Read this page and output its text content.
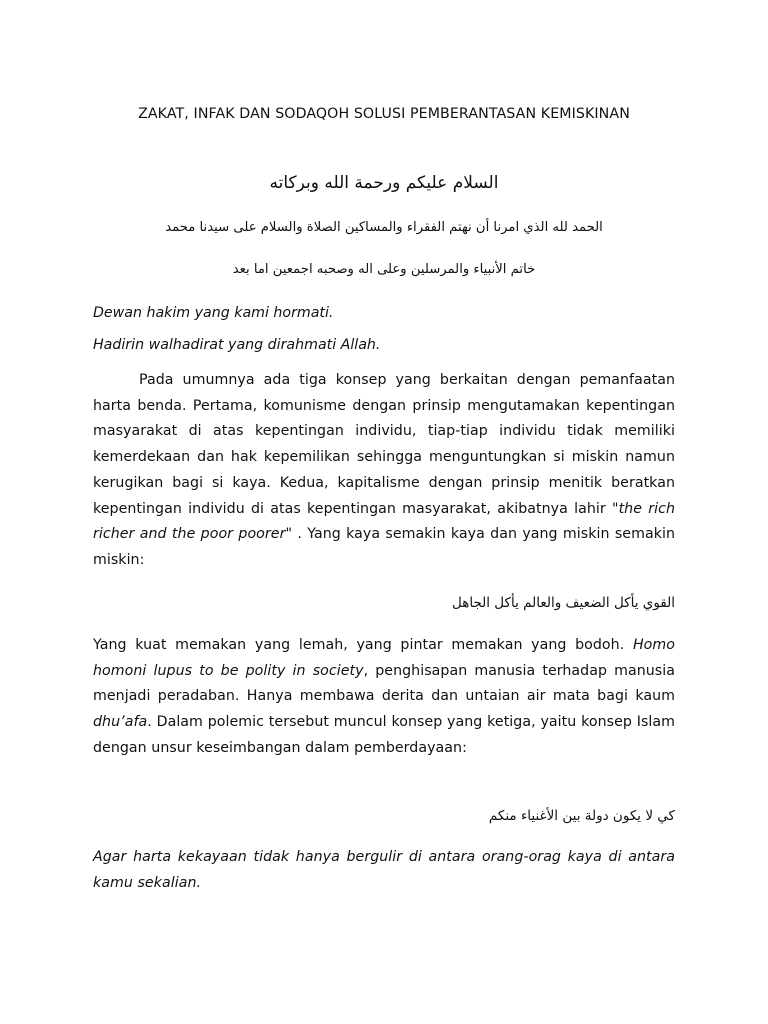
ZAKAT, INFAK DAN SODAQOH SOLUSI PEMBERANTASAN KEMISKINAN
السلام عليكم ورحمة الله وبركاته
الحمد لله الذي امرنا أن نهتم الفقراء والمساكين الصلاة والسلام على سيدنا محمد
خاتم الأنبياء والمرسلين وعلى اله وصحبه اجمعين اما بعد
Dewan hakim yang kami hormati.
Hadirin walhadirat yang dirahmati Allah.
Pada umumnya ada tiga konsep yang berkaitan dengan pemanfaatan harta benda. Pertama, komunisme dengan prinsip mengutamakan kepentingan masyarakat di atas kepentingan individu, tiap-tiap individu tidak memiliki kemerdekaan dan hak kepemilikan sehingga menguntungkan si miskin namun kerugikan bagi si kaya. Kedua, kapitalisme dengan prinsip menitik beratkan kepentingan individu di atas kepentingan masyarakat, akibatnya lahir "the rich richer and the poor poorer" . Yang kaya semakin kaya dan yang miskin semakin miskin:
القوي يأكل الضعيف والعالم يأكل الجاهل
Yang kuat memakan yang lemah, yang pintar memakan yang bodoh. Homo homoni lupus to be polity in society, penghisapan manusia terhadap manusia menjadi peradaban. Hanya membawa derita dan untaian air mata bagi kaum dhu’afa. Dalam polemic tersebut muncul konsep yang ketiga, yaitu konsep Islam dengan unsur keseimbangan dalam pemberdayaan:
كي لا يكون دولة بين الأغنياء منكم
Agar harta kekayaan tidak hanya bergulir di antara orang-orag kaya di antara kamu sekalian.
